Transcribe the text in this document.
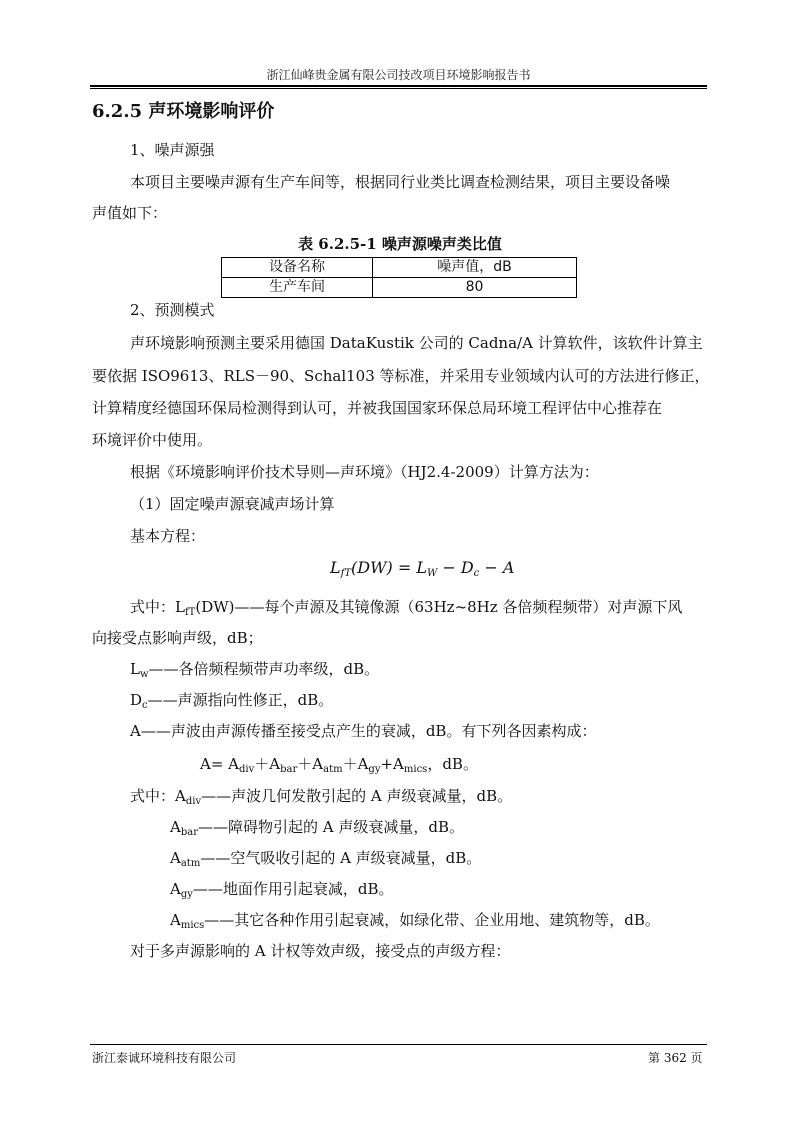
浙江仙峰贵金属有限公司技改项目环境影响报告书
6.2.5 声环境影响评价
1、噪声源强
本项目主要噪声源有生产车间等，根据同行业类比调查检测结果，项目主要设备噪
声值如下：
表 6.2.5-1 噪声源噪声类比值
设备名称	噪声值，dB
生产车间	80
2、预测模式
声环境影响预测主要采用德国 DataKustik 公司的 Cadna/A 计算软件，该软件计算主
要依据 ISO9613、RLS－90、Schal103 等标准，并采用专业领域内认可的方法进行修正，
计算精度经德国环保局检测得到认可，并被我国国家环保总局环境工程评估中心推荐在
环境评价中使用。
根据《环境影响评价技术导则—声环境》（HJ2.4-2009）计算方法为：
（1）固定噪声源衰减声场计算
基本方程：
$L_{fT}(DW) = L_W - D_c - A$
式中：$L_{fT}(DW)——$每个声源及其镜像源（63Hz~8Hz 各倍频程频带）对声源下风
向接受点影响声级，dB；
$L_w——$各倍频程频带声功率级，dB。
$D_c——$声源指向性修正，dB。
A——声波由声源传播至接受点产生的衰减，dB。有下列各因素构成：
$A= A_{div}+A_{bar}+A_{atm}+A_{gy}+A_{mics}$，dB。
式中：$A_{div}——$声波几何发散引起的 A 声级衰减量，dB。
$A_{bar}——$障碍物引起的 A 声级衰减量，dB。
$A_{atm}——$空气吸收引起的 A 声级衰减量，dB。
$A_{gy}——$地面作用引起衰减，dB。
$A_{mics}——$其它各种作用引起衰减，如绿化带、企业用地、建筑物等，dB。
对于多声源影响的 A 计权等效声级，接受点的声级方程：
浙江泰诚环境科技有限公司	第 362 页
